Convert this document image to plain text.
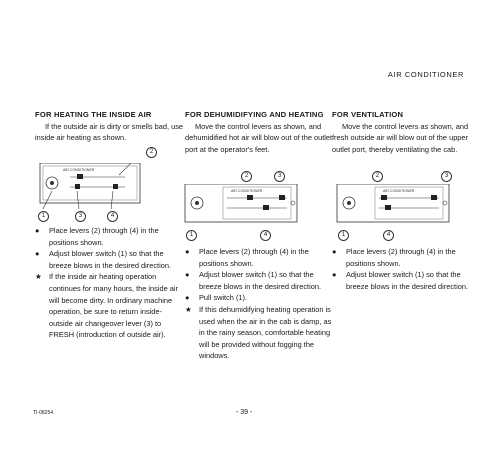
AIR CONDITIONER
FOR HEATING THE INSIDE AIR

If the outside air is dirty or smells bad, use inside air heating as shown.

AIR CONDITIONER
2
1	3	4
● Place levers (2) through (4) in the positions shown.
● Adjust blower switch (1) so that the breeze blows in the desired direction.
★ If the inside air heating operation continues for many hours, the inside air will become dirty. In ordinary machine operation, be sure to return inside-outside air changeover lever (3) to FRESH (introduction of outside air).
FOR DEHUMIDIFYING AND HEATING

Move the control levers as shown, and dehumidified hot air will blow out of the outlet port at the operator's feet.

AIR CONDITIONER
2	3
1	4
● Place levers (2) through (4) in the positions shown.
● Adjust blower switch (1) so that the breeze blows in the desired direction.
● Pull switch (1).
★ If this dehumidifying heating operation is used when the air in the cab is damp, as in the rainy season, comfortable heating will be provided without fogging the windows.
FOR VENTILATION

Move the control levers as shown, and fresh outside air will blow out of the upper outlet port, thereby ventilating the cab.

AIR CONDITIONER
2	3
1	4
● Place levers (2) through (4) in the positions shown.
● Adjust blower switch (1) so that the breeze blows in the desired direction.
TI-08254	- 39 -
